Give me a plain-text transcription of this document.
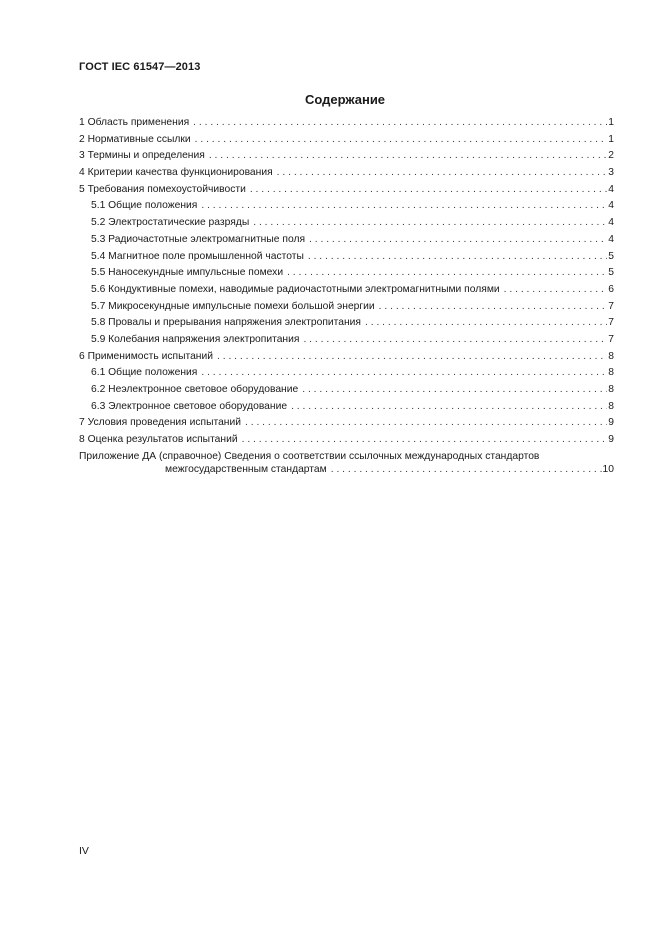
ГОСТ IEC 61547—2013
Содержание
1 Область применения . . .	1
2 Нормативные ссылки . . .	1
3 Термины и определения . . .	2
4 Критерии качества функционирования . . .	3
5 Требования помехоустойчивости . . .	4
5.1 Общие положения . . .	4
5.2 Электростатические разряды . . .	4
5.3 Радиочастотные электромагнитные поля . . .	4
5.4 Магнитное поле промышленной частоты . . .	5
5.5 Наносекундные импульсные помехи . . .	5
5.6 Кондуктивные помехи, наводимые радиочастотными электромагнитными полями . . .	6
5.7 Микросекундные импульсные помехи большой энергии . . .	7
5.8 Провалы и прерывания напряжения электропитания . . .	7
5.9 Колебания напряжения электропитания . . .	7
6 Применимость испытаний . . .	8
6.1 Общие положения . . .	8
6.2 Неэлектронное световое оборудование . . .	8
6.3 Электронное световое оборудование . . .	8
7 Условия проведения испытаний . . .	9
8 Оценка результатов испытаний . . .	9
Приложение ДА (справочное) Сведения о соответствии ссылочных международных стандартов
межгосударственным стандартам . . .	10
IV
